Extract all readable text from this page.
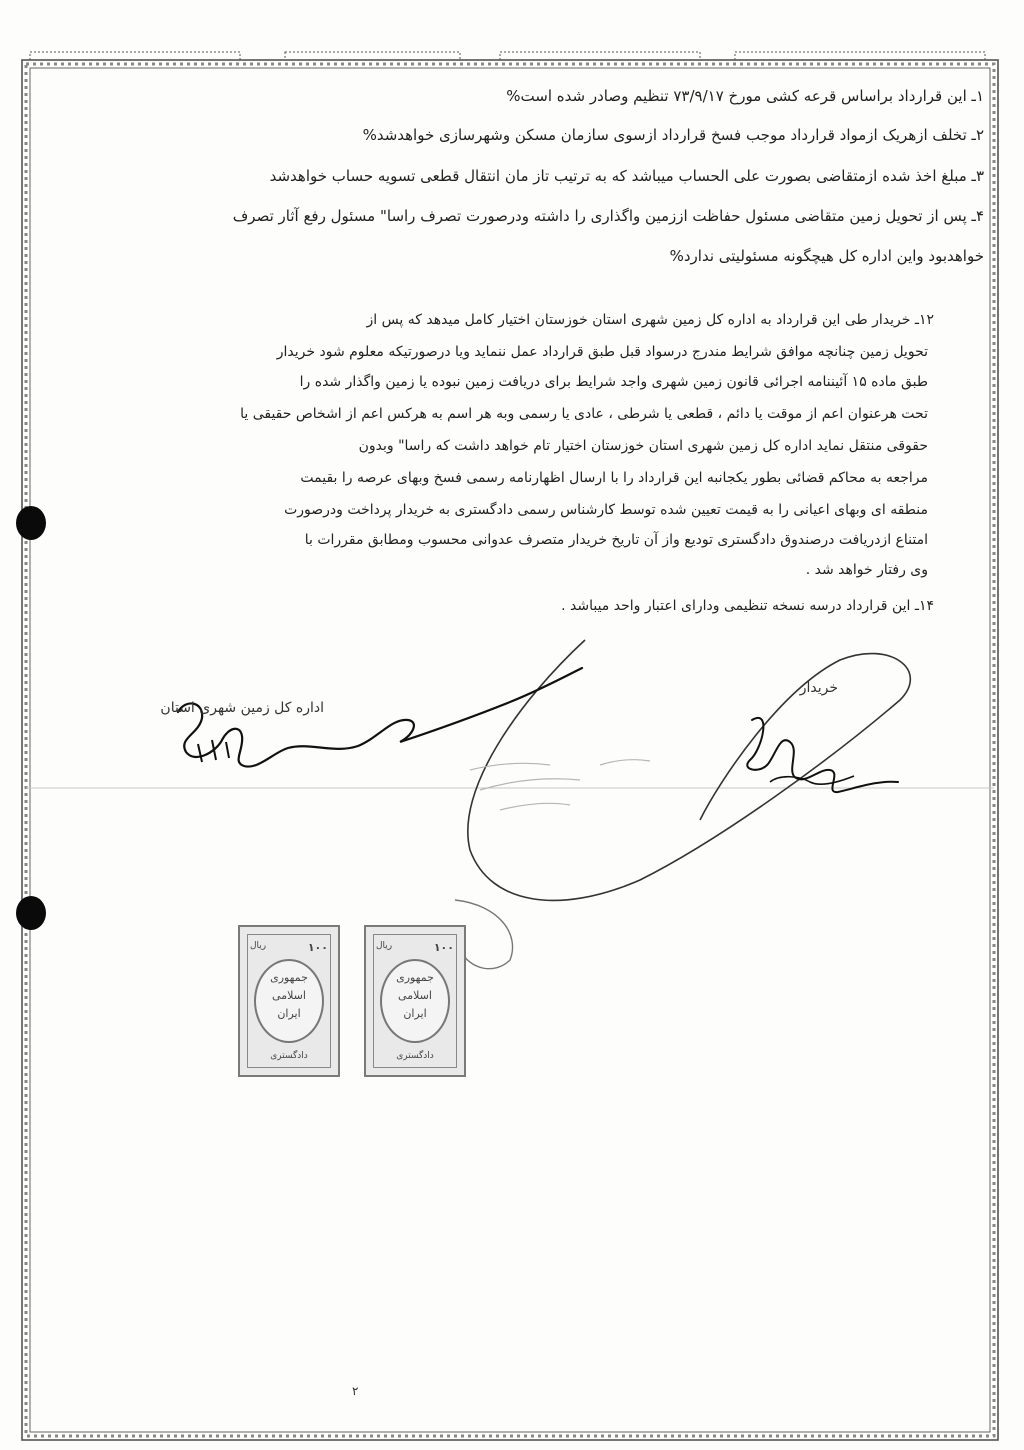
۱ـ این قرارداد براساس قرعه کشی مورخ ۷۳/۹/۱۷ تنظیم وصادر شده است%
۲ـ تخلف ازهریک ازمواد قرارداد موجب فسخ قرارداد ازسوی سازمان مسکن وشهرسازی خواهدشد%
۳ـ مبلغ اخذ شده ازمتقاضی بصورت علی الحساب میباشد که به ترتیب تاز مان انتقال قطعی تسویه حساب خواهدشد
۴ـ پس از تحویل زمین متقاضی مسئول حفاظت اززمین واگذاری را داشته ودرصورت تصرف راسا" مسئول رفع آثار تصرف
خواهدبود واین اداره کل هیچگونه مسئولیتی ندارد%
۱۲ـ خریدار طی این قرارداد به اداره کل زمین شهری استان خوزستان اختیار کامل میدهد که پس از
تحویل زمین چنانچه موافق شرایط مندرج درسواد قبل طبق قرارداد عمل ننماید ویا درصورتیکه معلوم شود خریدار
طبق ماده ۱۵ آئیننامه اجرائی قانون زمین شهری واجد شرایط برای دریافت زمین نبوده یا زمین واگذار شده را
تحت هرعنوان اعم از موقت یا دائم ، قطعی یا شرطی ، عادی یا رسمی وبه هر اسم به هرکس اعم از اشخاص حقیقی یا
حقوقی منتقل نماید اداره کل زمین شهری استان خوزستان اختیار تام خواهد داشت که راسا" وبدون
مراجعه به محاکم قضائی بطور یکجانبه این قرارداد را با ارسال اظهارنامه رسمی فسخ وبهای عرصه را بقیمت
منطقه ای وبهای اعیانی را به قیمت تعیین شده توسط کارشناس رسمی دادگستری به خریدار پرداخت ودرصورت
امتناع ازدریافت درصندوق دادگستری تودیع واز آن تاریخ خریدار متصرف عدوانی محسوب ومطابق مقررات با
وی رفتار خواهد شد .
۱۴ـ این قرارداد درسه نسخه تنظیمی ودارای اعتبار واحد میباشد .
اداره کل زمین شهری استان
خریدار
جمهوری
اسلامی
ایران
دادگستری
۱۰۰
ریال
جمهوری
اسلامی
ایران
دادگستری
۱۰۰
ریال
۲
